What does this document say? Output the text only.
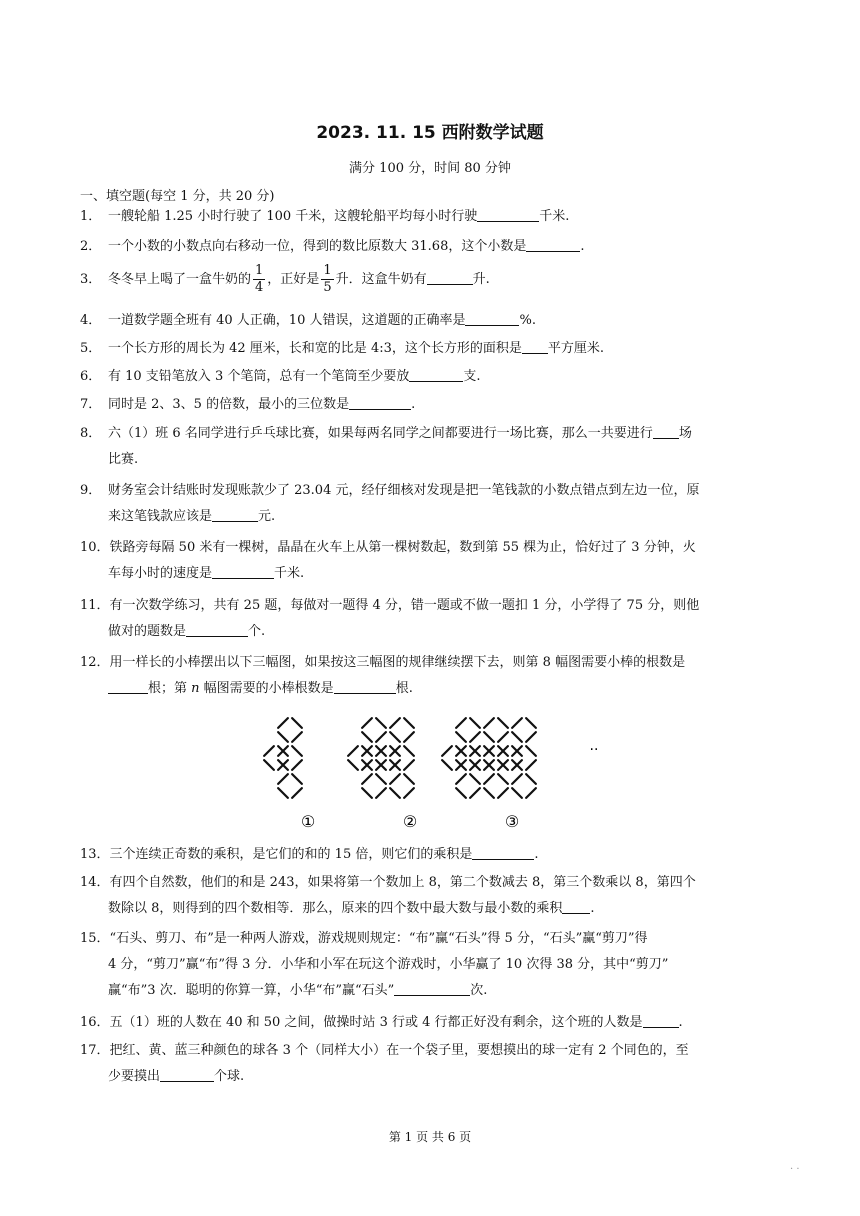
2023. 11. 15 西附数学试题
满分 100 分，时间 80 分钟
一、填空题(每空 1 分，共 20 分)
1． 一艘轮船 1.25 小时行驶了 100 千米，这艘轮船平均每小时行驶	千米.
2． 一个小数的小数点向右移动一位，得到的数比原数大 31.68，这个小数是	.
3． 冬冬早上喝了一盒牛奶的 $\frac{1}{4}$ ，正好是 $\frac{1}{5}$ 升．这盒牛奶有	升.
4． 一道数学题全班有 40 人正确，10 人错误，这道题的正确率是	%.
5． 一个长方形的周长为 42 厘米，长和宽的比是 4:3，这个长方形的面积是 平方厘米.
6． 有 10 支铅笔放入 3 个笔筒，总有一个笔筒至少要放	支.
7． 同时是 2、3、5 的倍数，最小的三位数是	.
8． 六（1）班 6 名同学进行乒乓球比赛，如果每两名同学之间都要进行一场比赛，那么一共要进行 场
比赛.
9． 财务室会计结账时发现账款少了 23.04 元，经仔细核对发现是把一笔钱款的小数点错点到左边一位，原
来这笔钱款应该是	元.
10．铁路旁每隔 50 米有一棵树，晶晶在火车上从第一棵树数起，数到第 55 棵为止，恰好过了 3 分钟，火
车每小时的速度是	千米.
11．有一次数学练习，共有 25 题，每做对一题得 4 分，错一题或不做一题扣 1 分，小学得了 75 分，则他
做对的题数是	个.
12．用一样长的小棒摆出以下三幅图，如果按这三幅图的规律继续摆下去，则第 8 幅图需要小棒的根数是
根；第 n 幅图需要的小棒根数是	根.
①	②	③
··
13．三个连续正奇数的乘积，是它们的和的 15 倍，则它们的乘积是	.
14．有四个自然数，他们的和是 243，如果将第一个数加上 8，第二个数减去 8，第三个数乘以 8，第四个
数除以 8，则得到的四个数相等．那么，原来的四个数中最大数与最小数的乘积 .
15．“石头、剪刀、布”是一种两人游戏，游戏规则规定：“布”赢“石头”得 5 分，“石头”赢“剪刀”得
4 分，“剪刀”赢“布”得 3 分．小华和小军在玩这个游戏时，小华赢了 10 次得 38 分，其中“剪刀”
赢“布”3 次．聪明的你算一算，小华“布”赢“石头”	次.
16．五（1）班的人数在 40 和 50 之间，做操时站 3 行或 4 行都正好没有剩余，这个班的人数是	.
17．把红、黄、蓝三种颜色的球各 3 个（同样大小）在一个袋子里，要想摸出的球一定有 2 个同色的，至
少要摸出	个球.
第 1 页 共 6 页
· ·
